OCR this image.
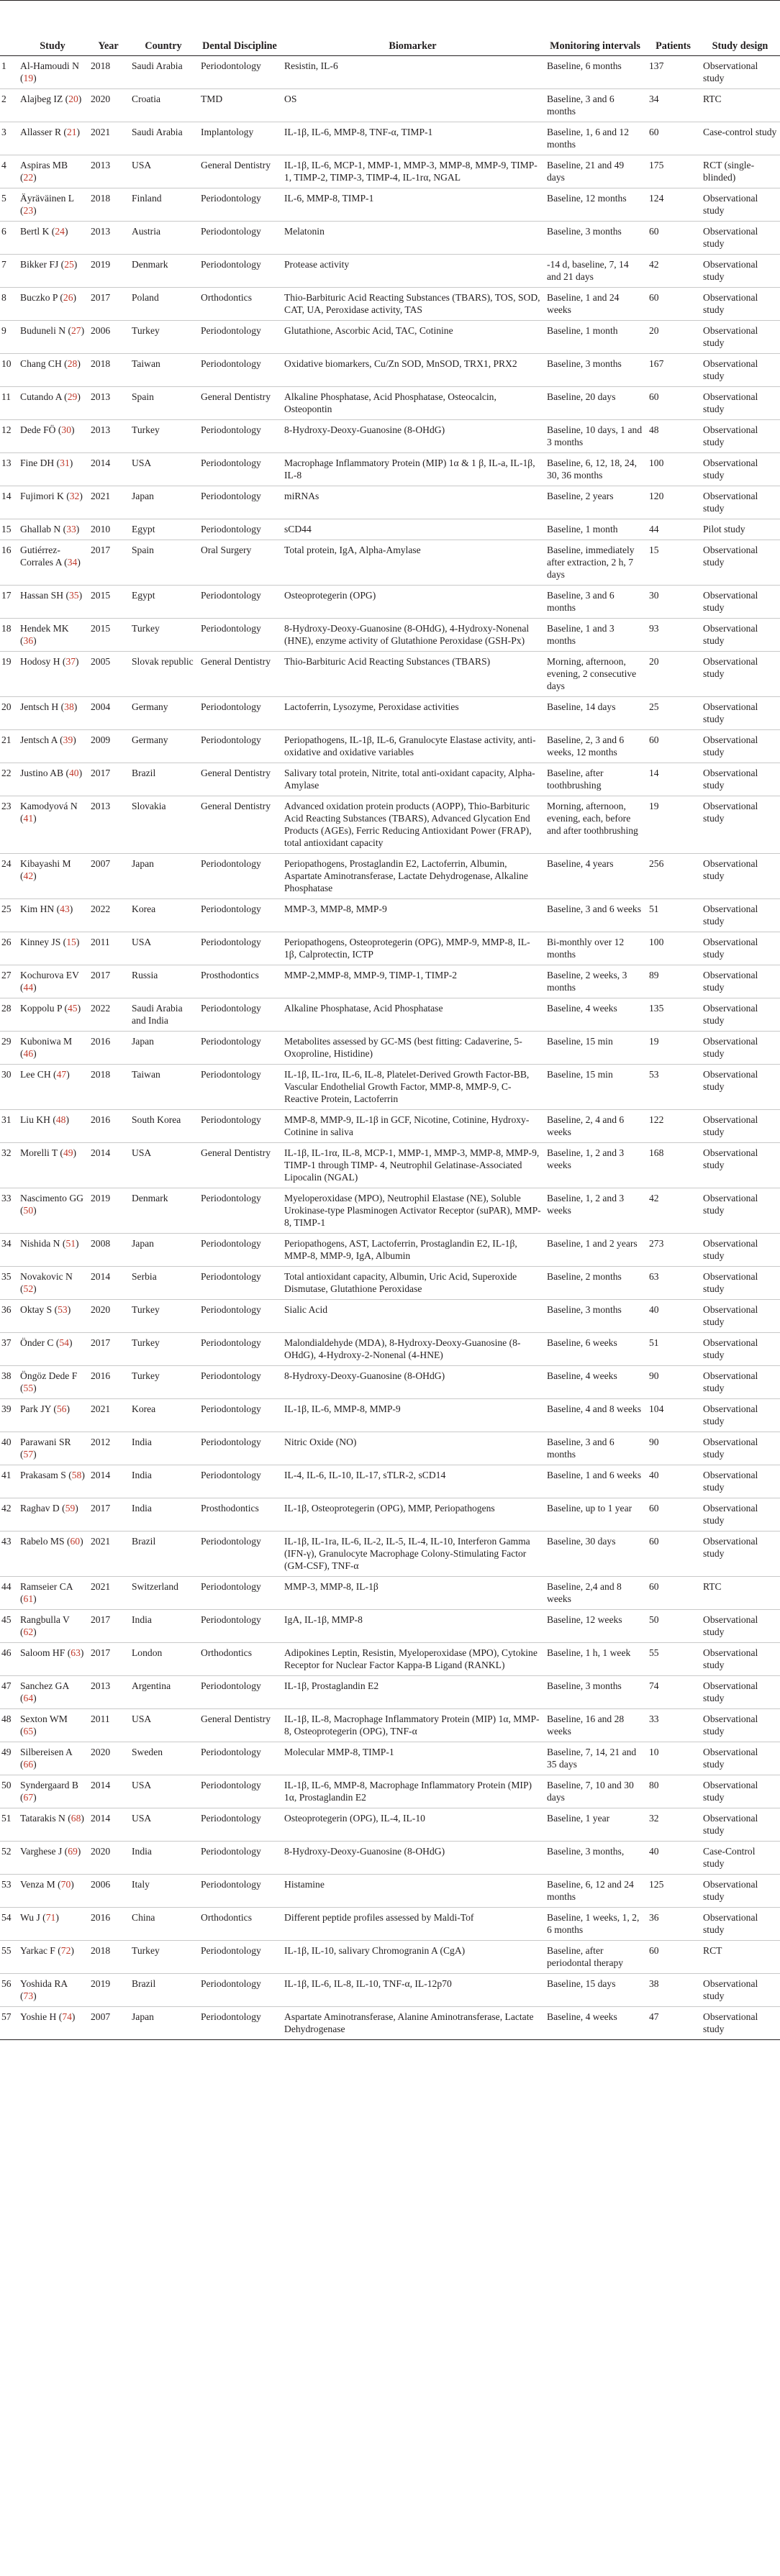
	Study	Year	Country	Dental Discipline	Biomarker	Monitoring intervals	Patients	Study design
1	Al-Hamoudi N (19)	2018	Saudi Arabia	Periodontology	Resistin, IL-6	Baseline, 6 months	137	Observational study
2	Alajbeg IZ (20)	2020	Croatia	TMD	OS	Baseline, 3 and 6 months	34	RTC
3	Allasser R (21)	2021	Saudi Arabia	Implantology	IL-1β, IL-6, MMP-8, TNF-α, TIMP-1	Baseline, 1, 6 and 12 months	60	Case-control study
4	Aspiras MB (22)	2013	USA	General Dentistry	IL-1β, IL-6, MCP-1, MMP-1, MMP-3, MMP-8, MMP-9, TIMP-1, TIMP-2, TIMP-3, TIMP-4, IL-1rα, NGAL	Baseline, 21 and 49 days	175	RCT (single-blinded)
5	Äyräväinen L (23)	2018	Finland	Periodontology	IL-6, MMP-8, TIMP-1	Baseline, 12 months	124	Observational study
6	Bertl K (24)	2013	Austria	Periodontology	Melatonin	Baseline, 3 months	60	Observational study
7	Bikker FJ (25)	2019	Denmark	Periodontology	Protease activity	-14 d, baseline, 7, 14 and 21 days	42	Observational study
8	Buczko P (26)	2017	Poland	Orthodontics	Thio-Barbituric Acid Reacting Substances (TBARS), TOS, SOD, CAT, UA, Peroxidase activity, TAS	Baseline, 1 and 24 weeks	60	Observational study
9	Buduneli N (27)	2006	Turkey	Periodontology	Glutathione, Ascorbic Acid, TAC, Cotinine	Baseline, 1 month	20	Observational study
10	Chang CH (28)	2018	Taiwan	Periodontology	Oxidative biomarkers, Cu/Zn SOD, MnSOD, TRX1, PRX2	Baseline, 3 months	167	Observational study
11	Cutando A (29)	2013	Spain	General Dentistry	Alkaline Phosphatase, Acid Phosphatase, Osteocalcin, Osteopontin	Baseline, 20 days	60	Observational study
12	Dede FÖ (30)	2013	Turkey	Periodontology	8-Hydroxy-Deoxy-Guanosine (8-OHdG)	Baseline, 10 days, 1 and 3 months	48	Observational study
13	Fine DH (31)	2014	USA	Periodontology	Macrophage Inflammatory Protein (MIP) 1α & 1 β, IL-a, IL-1β, IL-8	Baseline, 6, 12, 18, 24, 30, 36 months	100	Observational study
14	Fujimori K (32)	2021	Japan	Periodontology	miRNAs	Baseline, 2 years	120	Observational study
15	Ghallab N (33)	2010	Egypt	Periodontology	sCD44	Baseline, 1 month	44	Pilot study
16	Gutiérrez-Corrales A (34)	2017	Spain	Oral Surgery	Total protein, IgA, Alpha-Amylase	Baseline, immediately after extraction, 2 h, 7 days	15	Observational study
17	Hassan SH (35)	2015	Egypt	Periodontology	Osteoprotegerin (OPG)	Baseline, 3 and 6 months	30	Observational study
18	Hendek MK (36)	2015	Turkey	Periodontology	8-Hydroxy-Deoxy-Guanosine (8-OHdG), 4-Hydroxy-Nonenal (HNE), enzyme activity of Glutathione Peroxidase (GSH-Px)	Baseline, 1 and 3 months	93	Observational study
19	Hodosy H (37)	2005	Slovak republic	General Dentistry	Thio-Barbituric Acid Reacting Substances (TBARS)	Morning, afternoon, evening, 2 consecutive days	20	Observational study
20	Jentsch H (38)	2004	Germany	Periodontology	Lactoferrin, Lysozyme, Peroxidase activities	Baseline, 14 days	25	Observational study
21	Jentsch A (39)	2009	Germany	Periodontology	Periopathogens, IL-1β, IL-6, Granulocyte Elastase activity, anti-oxidative and oxidative variables	Baseline, 2, 3 and 6 weeks, 12 months	60	Observational study
22	Justino AB (40)	2017	Brazil	General Dentistry	Salivary total protein, Nitrite, total anti-oxidant capacity, Alpha-Amylase	Baseline, after toothbrushing	14	Observational study
23	Kamodyová N (41)	2013	Slovakia	General Dentistry	Advanced oxidation protein products (AOPP), Thio-Barbituric Acid Reacting Substances (TBARS), Advanced Glycation End Products (AGEs), Ferric Reducing Antioxidant Power (FRAP), total antioxidant capacity	Morning, afternoon, evening, each, before and after toothbrushing	19	Observational study
24	Kibayashi M (42)	2007	Japan	Periodontology	Periopathogens, Prostaglandin E2, Lactoferrin, Albumin, Aspartate Aminotransferase, Lactate Dehydrogenase, Alkaline Phosphatase	Baseline, 4 years	256	Observational study
25	Kim HN (43)	2022	Korea	Periodontology	MMP-3, MMP-8, MMP-9	Baseline, 3 and 6 weeks	51	Observational study
26	Kinney JS (15)	2011	USA	Periodontology	Periopathogens, Osteoprotegerin (OPG), MMP-9, MMP-8, IL-1β, Calprotectin, ICTP	Bi-monthly over 12 months	100	Observational study
27	Kochurova EV (44)	2017	Russia	Prosthodontics	MMP-2,MMP-8, MMP-9, TIMP-1, TIMP-2	Baseline, 2 weeks, 3 months	89	Observational study
28	Koppolu P (45)	2022	Saudi Arabia and India	Periodontology	Alkaline Phosphatase, Acid Phosphatase	Baseline, 4 weeks	135	Observational study
29	Kuboniwa M (46)	2016	Japan	Periodontology	Metabolites assessed by GC-MS (best fitting: Cadaverine, 5-Oxoproline, Histidine)	Baseline, 15 min	19	Observational study
30	Lee CH (47)	2018	Taiwan	Periodontology	IL-1β, IL-1rα, IL-6, IL-8, Platelet-Derived Growth Factor-BB, Vascular Endothelial Growth Factor, MMP-8, MMP-9, C-Reactive Protein, Lactoferrin	Baseline, 15 min	53	Observational study
31	Liu KH (48)	2016	South Korea	Periodontology	MMP-8, MMP-9, IL-1β in GCF, Nicotine, Cotinine, Hydroxy-Cotinine in saliva	Baseline, 2, 4 and 6 weeks	122	Observational study
32	Morelli T (49)	2014	USA	General Dentistry	IL-1β, IL-1rα, IL-8, MCP-1, MMP-1, MMP-3, MMP-8, MMP-9, TIMP-1 through TIMP- 4, Neutrophil Gelatinase-Associated Lipocalin (NGAL)	Baseline, 1, 2 and 3 weeks	168	Observational study
33	Nascimento GG (50)	2019	Denmark	Periodontology	Myeloperoxidase (MPO), Neutrophil Elastase (NE), Soluble Urokinase-type Plasminogen Activator Receptor (suPAR), MMP-8, TIMP-1	Baseline, 1, 2 and 3 weeks	42	Observational study
34	Nishida N (51)	2008	Japan	Periodontology	Periopathogens, AST, Lactoferrin, Prostaglandin E2, IL-1β, MMP-8, MMP-9, IgA, Albumin	Baseline, 1 and 2 years	273	Observational study
35	Novakovic N (52)	2014	Serbia	Periodontology	Total antioxidant capacity, Albumin, Uric Acid, Superoxide Dismutase, Glutathione Peroxidase	Baseline, 2 months	63	Observational study
36	Oktay S (53)	2020	Turkey	Periodontology	Sialic Acid	Baseline, 3 months	40	Observational study
37	Önder C (54)	2017	Turkey	Periodontology	Malondialdehyde (MDA), 8-Hydroxy-Deoxy-Guanosine (8-OHdG), 4-Hydroxy-2-Nonenal (4-HNE)	Baseline, 6 weeks	51	Observational study
38	Öngöz Dede F (55)	2016	Turkey	Periodontology	8-Hydroxy-Deoxy-Guanosine (8-OHdG)	Baseline, 4 weeks	90	Observational study
39	Park JY (56)	2021	Korea	Periodontology	IL-1β, IL-6, MMP-8, MMP-9	Baseline, 4 and 8 weeks	104	Observational study
40	Parawani SR (57)	2012	India	Periodontology	Nitric Oxide (NO)	Baseline, 3 and 6 months	90	Observational study
41	Prakasam S (58)	2014	India	Periodontology	IL-4, IL-6, IL-10, IL-17, sTLR-2, sCD14	Baseline, 1 and 6 weeks	40	Observational study
42	Raghav D (59)	2017	India	Prosthodontics	IL-1β, Osteoprotegerin (OPG), MMP, Periopathogens	Baseline, up to 1 year	60	Observational study
43	Rabelo MS (60)	2021	Brazil	Periodontology	IL-1β, IL-1ra, IL-6, IL-2, IL-5, IL-4, IL-10, Interferon Gamma (IFN-γ), Granulocyte Macrophage Colony-Stimulating Factor (GM-CSF), TNF-α	Baseline, 30 days	60	Observational study
44	Ramseier CA (61)	2021	Switzerland	Periodontology	MMP-3, MMP-8, IL-1β	Baseline, 2,4 and 8 weeks	60	RTC
45	Rangbulla V (62)	2017	India	Periodontology	IgA, IL-1β, MMP-8	Baseline, 12 weeks	50	Observational study
46	Saloom HF (63)	2017	London	Orthodontics	Adipokines Leptin, Resistin, Myeloperoxidase (MPO), Cytokine Receptor for Nuclear Factor Kappa-B Ligand (RANKL)	Baseline, 1 h, 1 week	55	Observational study
47	Sanchez GA (64)	2013	Argentina	Periodontology	IL-1β, Prostaglandin E2	Baseline, 3 months	74	Observational study
48	Sexton WM (65)	2011	USA	General Dentistry	IL-1β, IL-8, Macrophage Inflammatory Protein (MIP) 1α, MMP-8, Osteoprotegerin (OPG), TNF-α	Baseline, 16 and 28 weeks	33	Observational study
49	Silbereisen A (66)	2020	Sweden	Periodontology	Molecular MMP-8, TIMP-1	Baseline, 7, 14, 21 and 35 days	10	Observational study
50	Syndergaard B (67)	2014	USA	Periodontology	IL-1β, IL-6, MMP-8, Macrophage Inflammatory Protein (MIP) 1α, Prostaglandin E2	Baseline, 7, 10 and 30 days	80	Observational study
51	Tatarakis N (68)	2014	USA	Periodontology	Osteoprotegerin (OPG), IL-4, IL-10	Baseline, 1 year	32	Observational study
52	Varghese J (69)	2020	India	Periodontology	8-Hydroxy-Deoxy-Guanosine (8-OHdG)	Baseline, 3 months,	40	Case-Control study
53	Venza M (70)	2006	Italy	Periodontology	Histamine	Baseline, 6, 12 and 24 months	125	Observational study
54	Wu J (71)	2016	China	Orthodontics	Different peptide profiles assessed by Maldi-Tof	Baseline, 1 weeks, 1, 2, 6 months	36	Observational study
55	Yarkac F (72)	2018	Turkey	Periodontology	IL-1β, IL-10, salivary Chromogranin A (CgA)	Baseline, after periodontal therapy	60	RCT
56	Yoshida RA (73)	2019	Brazil	Periodontology	IL-1β, IL-6, IL-8, IL-10, TNF-α, IL-12p70	Baseline, 15 days	38	Observational study
57	Yoshie H (74)	2007	Japan	Periodontology	Aspartate Aminotransferase, Alanine Aminotransferase, Lactate Dehydrogenase	Baseline, 4 weeks	47	Observational study
